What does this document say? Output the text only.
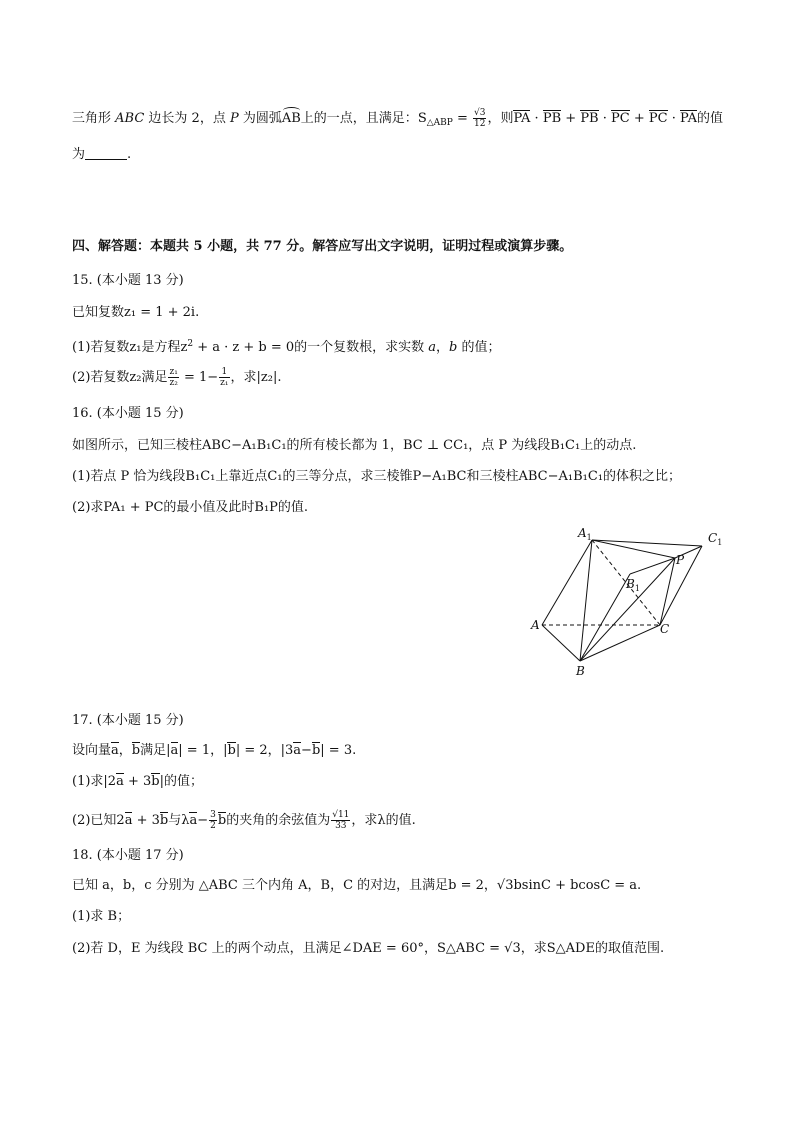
三角形 ABC 边长为 2，点 P 为圆弧AB上的一点，且满足：$S_{\triangle ABP} = \frac{√3}{12}$ ，则PA · PB + PB · PC + PC · PA的值
为	.
四、解答题：本题共 5 小题，共 77 分。解答应写出文字说明，证明过程或演算步骤。
15. (本小题 13 分)
已知复数z₁ = 1 + 2i.
(1)若复数z₁是方程$z^2 + a \cdot z + b = 0$的一个复数根，求实数 a，b 的值；
(2)若复数z₂满足 $\frac{\text{z₁}}{\text{z₂}} = 1- \frac{1}{\text{z₁}}$ ，求|z₂|.
16. (本小题 15 分)
如图所示，已知三棱柱ABC−A₁B₁C₁的所有棱长都为 1，BC ⊥ CC₁，点 P 为线段B₁C₁上的动点.
(1)若点 P 恰为线段B₁C₁上靠近点C₁的三等分点，求三棱锥P−A₁BC和三棱柱ABC−A₁B₁C₁的体积之比；
(2)求PA₁ + PC的最小值及此时B₁P的值.
$A_1$	$C_1$
$B_1$
P
A	C
B
17. (本小题 15 分)
设向量a，b满足|a| = 1，|b| = 2，|3a−b| = 3.
(1)求|2a + 3b|的值；
(2)已知2a + 3b与$\lambda a- \frac{3}{2}$ b的夹角的余弦值为 $\frac{√11}{33}$ ，求λ的值.
18. (本小题 17 分)
已知 a，b，c 分别为 △ABC 三个内角 A，B，C 的对边，且满足b = 2，√3bsinC + bcosC = a.
(1)求 B；
(2)若 D，E 为线段 BC 上的两个动点，且满足∠DAE = 60°，S△ABC = √3，求S△ADE的取值范围.
